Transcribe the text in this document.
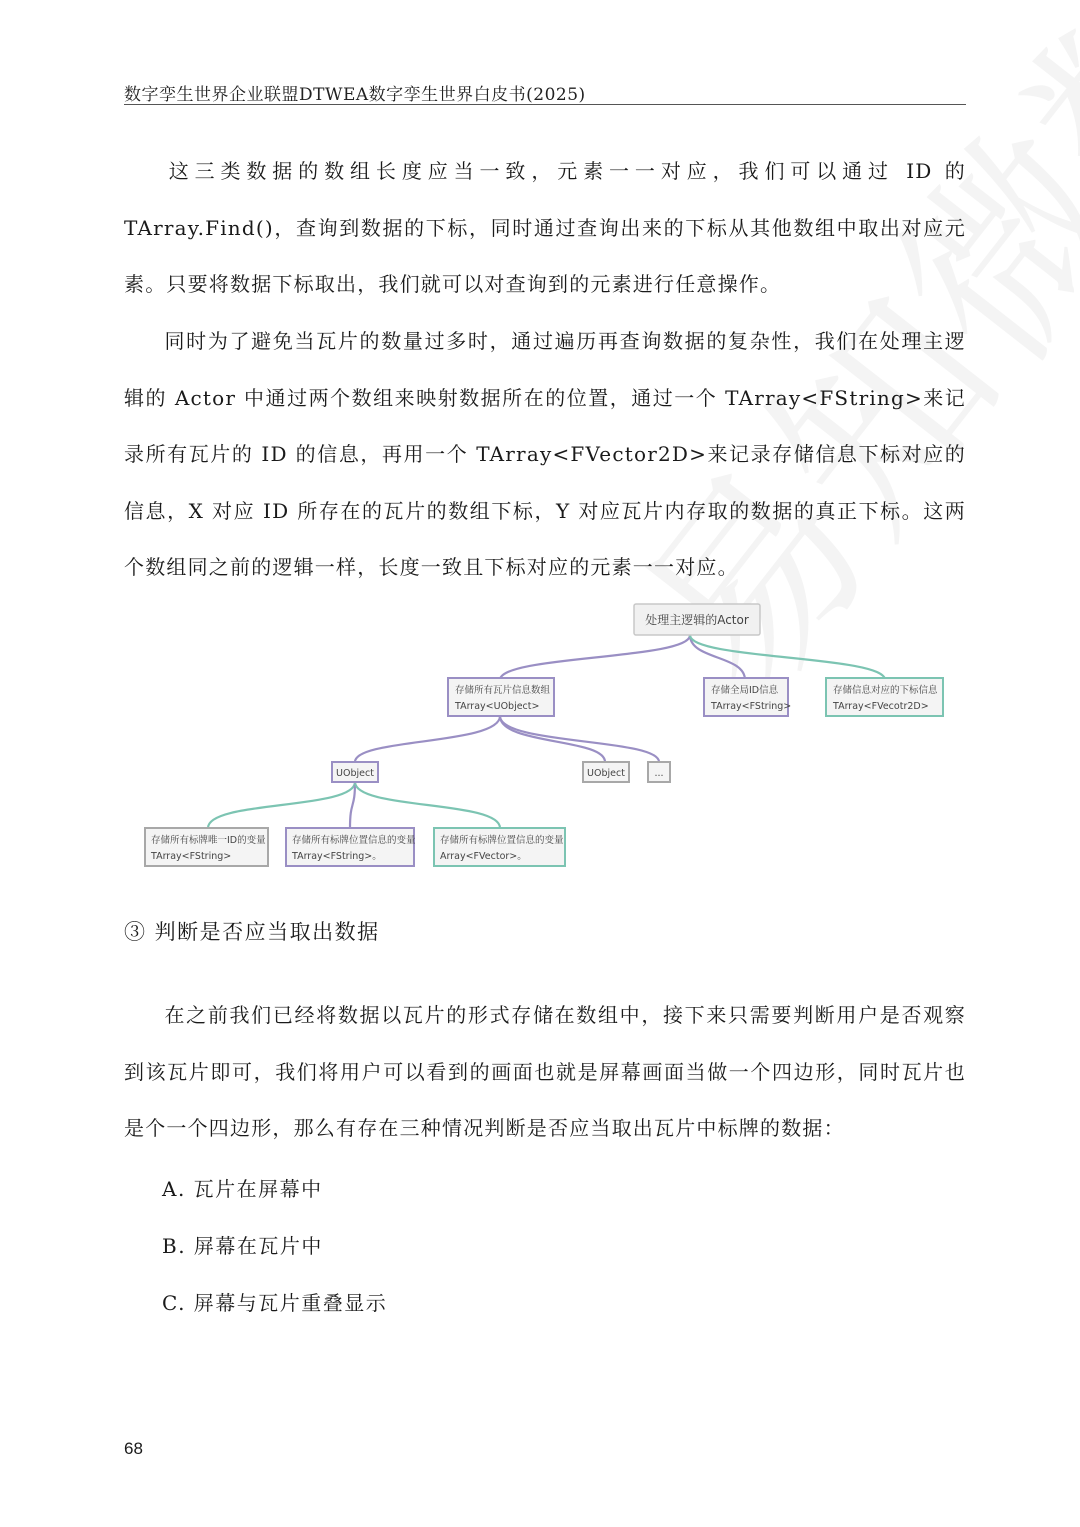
数字孪生世界企业联盟DTWEA数字孪生世界白皮书(2025)

这三类数据的数组长度应当一致，元素一一对应，我们可以通过 ID 的 TArray.Find()，查询到数据的下标，同时通过查询出来的下标从其他数组中取出对应元素。只要将数据下标取出，我们就可以对查询到的元素进行任意操作。

同时为了避免当瓦片的数量过多时，通过遍历再查询数据的复杂性，我们在处理主逻辑的 Actor 中通过两个数组来映射数据所在的位置，通过一个 TArray<FString>来记录所有瓦片的 ID 的信息，再用一个 TArray<FVector2D>来记录存储信息下标对应的信息，X 对应 ID 所存在的瓦片的数组下标，Y 对应瓦片内存取的数据的真正下标。这两个数组同之前的逻辑一样，长度一致且下标对应的元素一一对应。

处理主逻辑的Actor
存储所有瓦片信息数组
TArray<UObject>
存储全局ID信息
TArray<FString>
存储信息对应的下标信息
TArray<FVecotr2D>
UObject	UObject	...
存储所有标牌唯一ID的变量
TArray<FString>
存储所有标牌位置信息的变量
TArray<FString>。
存储所有标牌位置信息的变量
Array<FVector>。
③ 判断是否应当取出数据

在之前我们已经将数据以瓦片的形式存储在数组中，接下来只需要判断用户是否观察到该瓦片即可，我们将用户可以看到的画面也就是屏幕画面当做一个四边形，同时瓦片也是个一个四边形，那么有存在三种情况判断是否应当取出瓦片中标牌的数据：

A. 瓦片在屏幕中
B. 屏幕在瓦片中
C. 屏幕与瓦片重叠显示
68
